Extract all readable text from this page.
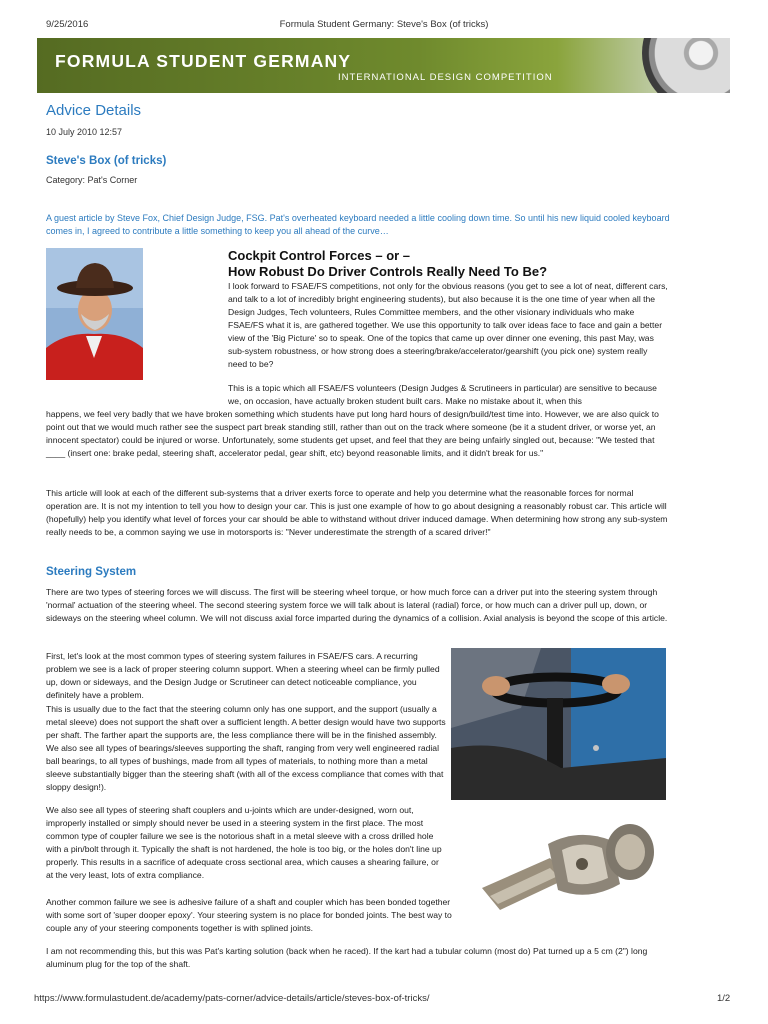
9/25/2016	Formula Student Germany: Steve's Box (of tricks)
FORMULA STUDENT GERMANY
INTERNATIONAL DESIGN COMPETITION
Advice Details
10 July 2010 12:57
Steve's Box (of tricks)
Category: Pat's Corner
A guest article by Steve Fox, Chief Design Judge, FSG. Pat's overheated keyboard needed a little cooling down time. So until his new liquid cooled keyboard comes in, I agreed to contribute a little something to keep you all ahead of the curve…
Cockpit Control Forces – or –
How Robust Do Driver Controls Really Need To Be?

I look forward to FSAE/FS competitions, not only for the obvious reasons (you get to see a lot of neat, different cars, and talk to a lot of incredibly bright engineering students), but also because it is the one time of year when all the Design Judges, Tech volunteers, Rules Committee members, and the other visionary individuals who make FSAE/FS what it is, are gathered together. We use this opportunity to talk over ideas face to face and gain a better view of the 'Big Picture' so to speak. One of the topics that came up over dinner one evening, this past May, was sub-system robustness, or how strong does a steering/brake/accelerator/gearshift (you pick one) system really need to be?

This is a topic which all FSAE/FS volunteers (Design Judges & Scrutineers in particular) are sensitive to because we, on occasion, have actually broken student built cars. Make no mistake about it, when this

happens, we feel very badly that we have broken something which students have put long hard hours of design/build/test time into. However, we are also quick to point out that we would much rather see the suspect part break standing still, rather than out on the track where someone (be it a student driver, or worse yet, an innocent spectator) could be injured or worse. Unfortunately, some students get upset, and feel that they are being unfairly singled out, because: "We tested that ____ (insert one: brake pedal, steering shaft, accelerator pedal, gear shift, etc) beyond reasonable limits, and it didn't break for us."

This article will look at each of the different sub-systems that a driver exerts force to operate and help you determine what the reasonable forces for normal operation are. It is not my intention to tell you how to design your car. This is just one example of how to go about designing a reasonably robust car. This article will (hopefully) help you identify what level of forces your car should be able to withstand without driver induced damage. When determining how strong any sub-system really needs to be, a common saying we use in motorsports is: "Never underestimate the strength of a scared driver!"

Steering System

There are two types of steering forces we will discuss. The first will be steering wheel torque, or how much force can a driver put into the steering system through 'normal' actuation of the steering wheel. The second steering system force we will talk about is lateral (radial) force, or how much can a driver pull up, down, or sideways on the steering wheel column. We will not discuss axial force imparted during the dynamics of a collision. Axial analysis is beyond the scope of this article.

First, let's look at the most common types of steering system failures in FSAE/FS cars. A recurring problem we see is a lack of proper steering column support. When a steering wheel can be firmly pulled up, down or sideways, and the Design Judge or Scrutineer can detect noticeable compliance, you definitely have a problem.

This is usually due to the fact that the steering column only has one support, and the support (usually a metal sleeve) does not support the shaft over a sufficient length. A better design would have two supports per shaft. The farther apart the supports are, the less compliance there will be in the finished assembly. We also see all types of bearings/sleeves supporting the shaft, ranging from very well engineered radial ball bearings, to all types of bushings, made from all types of materials, to nothing more than a metal sleeve substantially bigger than the steering shaft (with all of the excess compliance that comes with that sloppy design!).

We also see all types of steering shaft couplers and u-joints which are under-designed, worn out, improperly installed or simply should never be used in a steering system in the first place. The most common type of coupler failure we see is the notorious shaft in a metal sleeve with a cross drilled hole with a pin/bolt through it. Typically the shaft is not hardened, the hole is too big, or the holes don't line up properly. This results in a sacrifice of adequate cross sectional area, which causes a shearing failure, or at the very least, lots of extra compliance.

Another common failure we see is adhesive failure of a shaft and coupler which has been bonded together with some sort of 'super dooper epoxy'. Your steering system is no place for bonded joints. The best way to couple any of your steering components together is with splined joints.

I am not recommending this, but this was Pat's karting solution (back when he raced). If the kart had a tubular column (most do) Pat turned up a 5 cm (2") long aluminum plug for the top of the shaft.

https://www.formulastudent.de/academy/pats-corner/advice-details/article/steves-box-of-tricks/	1/2
